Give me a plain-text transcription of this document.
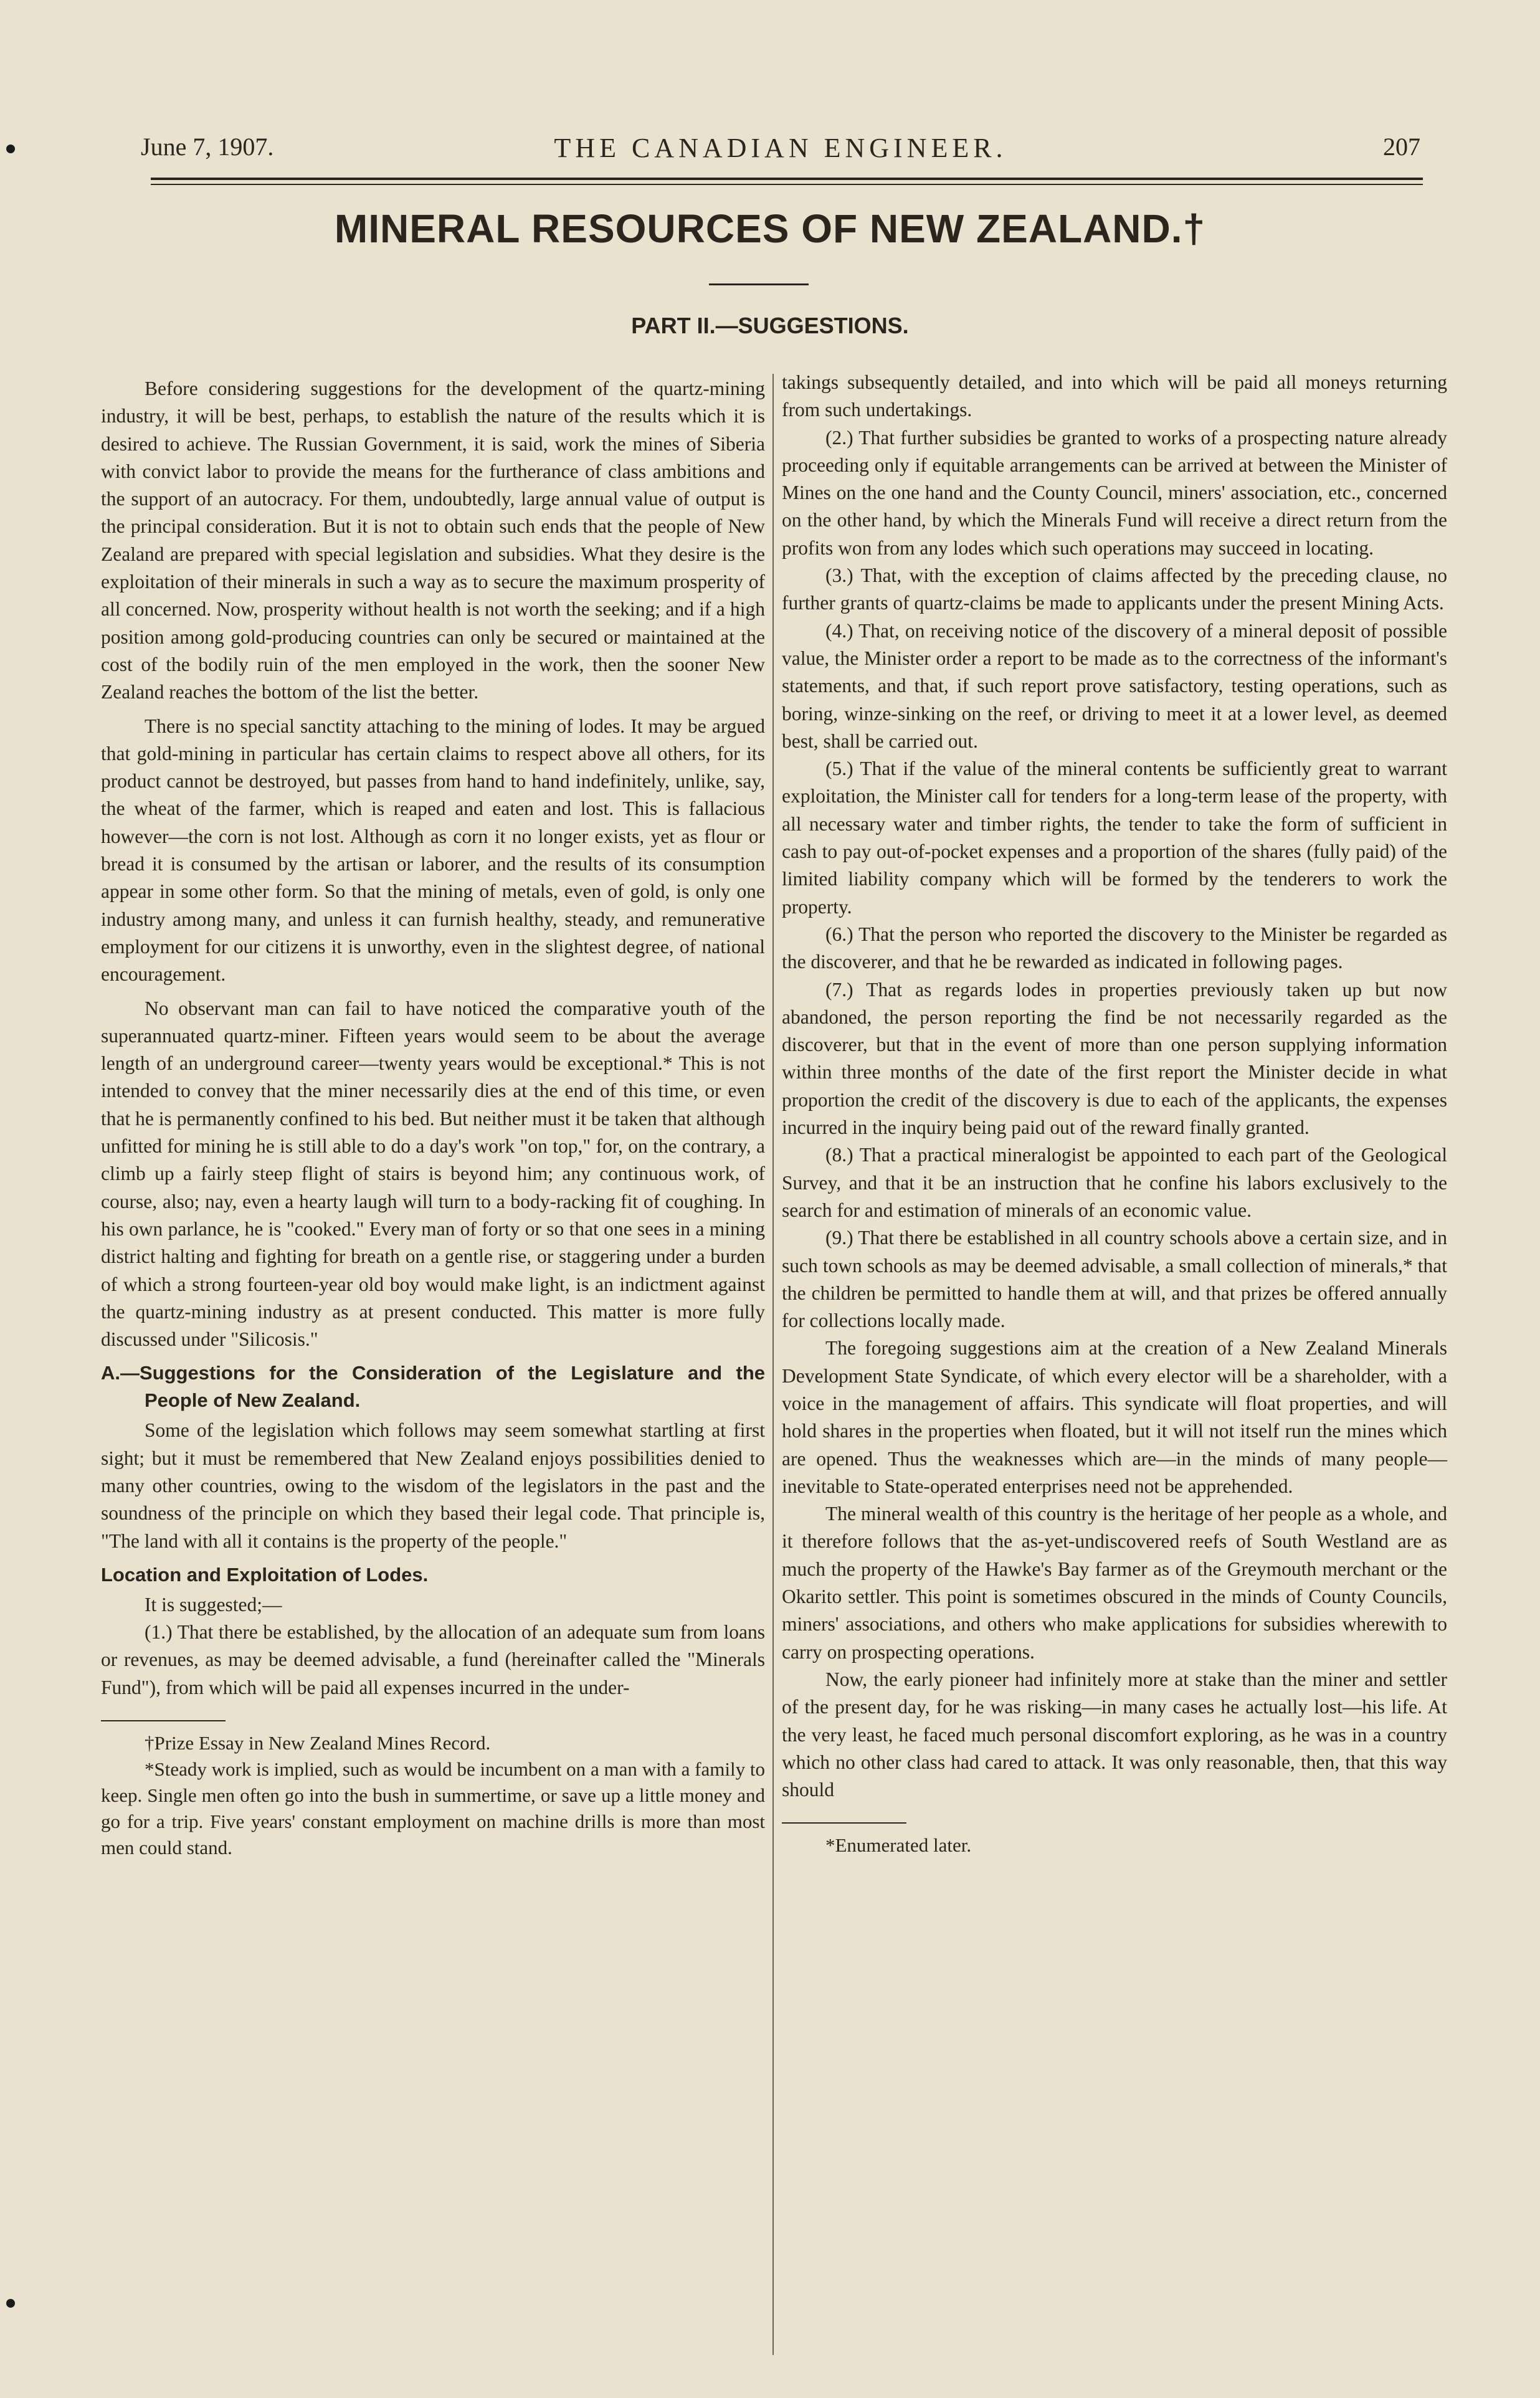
June 7, 1907.	THE CANADIAN ENGINEER.	207
MINERAL RESOURCES OF NEW ZEALAND.†
PART II.—SUGGESTIONS.

Before considering suggestions for the development of the quartz-mining industry, it will be best, perhaps, to establish the nature of the results which it is desired to achieve. The Russian Government, it is said, work the mines of Siberia with convict labor to provide the means for the furtherance of class ambitions and the support of an autocracy. For them, undoubtedly, large annual value of output is the principal consideration. But it is not to obtain such ends that the people of New Zealand are prepared with special legislation and subsidies. What they desire is the exploitation of their minerals in such a way as to secure the maximum prosperity of all concerned. Now, prosperity without health is not worth the seeking; and if a high position among gold-producing countries can only be secured or maintained at the cost of the bodily ruin of the men employed in the work, then the sooner New Zealand reaches the bottom of the list the better.

There is no special sanctity attaching to the mining of lodes. It may be argued that gold-mining in particular has certain claims to respect above all others, for its product cannot be destroyed, but passes from hand to hand indefinitely, unlike, say, the wheat of the farmer, which is reaped and eaten and lost. This is fallacious however—the corn is not lost. Although as corn it no longer exists, yet as flour or bread it is consumed by the artisan or laborer, and the results of its consumption appear in some other form. So that the mining of metals, even of gold, is only one industry among many, and unless it can furnish healthy, steady, and remunerative employment for our citizens it is unworthy, even in the slightest degree, of national encouragement.

No observant man can fail to have noticed the comparative youth of the superannuated quartz-miner. Fifteen years would seem to be about the average length of an underground career—twenty years would be exceptional.* This is not intended to convey that the miner necessarily dies at the end of this time, or even that he is permanently confined to his bed. But neither must it be taken that although unfitted for mining he is still able to do a day's work "on top," for, on the contrary, a climb up a fairly steep flight of stairs is beyond him; any continuous work, of course, also; nay, even a hearty laugh will turn to a body-racking fit of coughing. In his own parlance, he is "cooked." Every man of forty or so that one sees in a mining district halting and fighting for breath on a gentle rise, or staggering under a burden of which a strong fourteen-year old boy would make light, is an indictment against the quartz-mining industry as at present conducted. This matter is more fully discussed under "Silicosis."

A.—Suggestions for the Consideration of the Legislature and the People of New Zealand.

Some of the legislation which follows may seem somewhat startling at first sight; but it must be remembered that New Zealand enjoys possibilities denied to many other countries, owing to the wisdom of the legislators in the past and the soundness of the principle on which they based their legal code. That principle is, "The land with all it contains is the property of the people."

Location and Exploitation of Lodes.

It is suggested;—

(1.) That there be established, by the allocation of an adequate sum from loans or revenues, as may be deemed advisable, a fund (hereinafter called the "Minerals Fund"), from which will be paid all expenses incurred in the under-

†Prize Essay in New Zealand Mines Record.

*Steady work is implied, such as would be incumbent on a man with a family to keep. Single men often go into the bush in summertime, or save up a little money and go for a trip. Five years' constant employment on machine drills is more than most men could stand.

takings subsequently detailed, and into which will be paid all moneys returning from such undertakings.

(2.) That further subsidies be granted to works of a prospecting nature already proceeding only if equitable arrangements can be arrived at between the Minister of Mines on the one hand and the County Council, miners' association, etc., concerned on the other hand, by which the Minerals Fund will receive a direct return from the profits won from any lodes which such operations may succeed in locating.

(3.) That, with the exception of claims affected by the preceding clause, no further grants of quartz-claims be made to applicants under the present Mining Acts.

(4.) That, on receiving notice of the discovery of a mineral deposit of possible value, the Minister order a report to be made as to the correctness of the informant's statements, and that, if such report prove satisfactory, testing operations, such as boring, winze-sinking on the reef, or driving to meet it at a lower level, as deemed best, shall be carried out.

(5.) That if the value of the mineral contents be sufficiently great to warrant exploitation, the Minister call for tenders for a long-term lease of the property, with all necessary water and timber rights, the tender to take the form of sufficient in cash to pay out-of-pocket expenses and a proportion of the shares (fully paid) of the limited liability company which will be formed by the tenderers to work the property.

(6.) That the person who reported the discovery to the Minister be regarded as the discoverer, and that he be rewarded as indicated in following pages.

(7.) That as regards lodes in properties previously taken up but now abandoned, the person reporting the find be not necessarily regarded as the discoverer, but that in the event of more than one person supplying information within three months of the date of the first report the Minister decide in what proportion the credit of the discovery is due to each of the applicants, the expenses incurred in the inquiry being paid out of the reward finally granted.

(8.) That a practical mineralogist be appointed to each part of the Geological Survey, and that it be an instruction that he confine his labors exclusively to the search for and estimation of minerals of an economic value.

(9.) That there be established in all country schools above a certain size, and in such town schools as may be deemed advisable, a small collection of minerals,* that the children be permitted to handle them at will, and that prizes be offered annually for collections locally made.

The foregoing suggestions aim at the creation of a New Zealand Minerals Development State Syndicate, of which every elector will be a shareholder, with a voice in the management of affairs. This syndicate will float properties, and will hold shares in the properties when floated, but it will not itself run the mines which are opened. Thus the weaknesses which are—in the minds of many people—inevitable to State-operated enterprises need not be apprehended.

The mineral wealth of this country is the heritage of her people as a whole, and it therefore follows that the as-yet-undiscovered reefs of South Westland are as much the property of the Hawke's Bay farmer as of the Greymouth merchant or the Okarito settler. This point is sometimes obscured in the minds of County Councils, miners' associations, and others who make applications for subsidies wherewith to carry on prospecting operations.

Now, the early pioneer had infinitely more at stake than the miner and settler of the present day, for he was risking—in many cases he actually lost—his life. At the very least, he faced much personal discomfort exploring, as he was in a country which no other class had cared to attack. It was only reasonable, then, that this way should

*Enumerated later.
